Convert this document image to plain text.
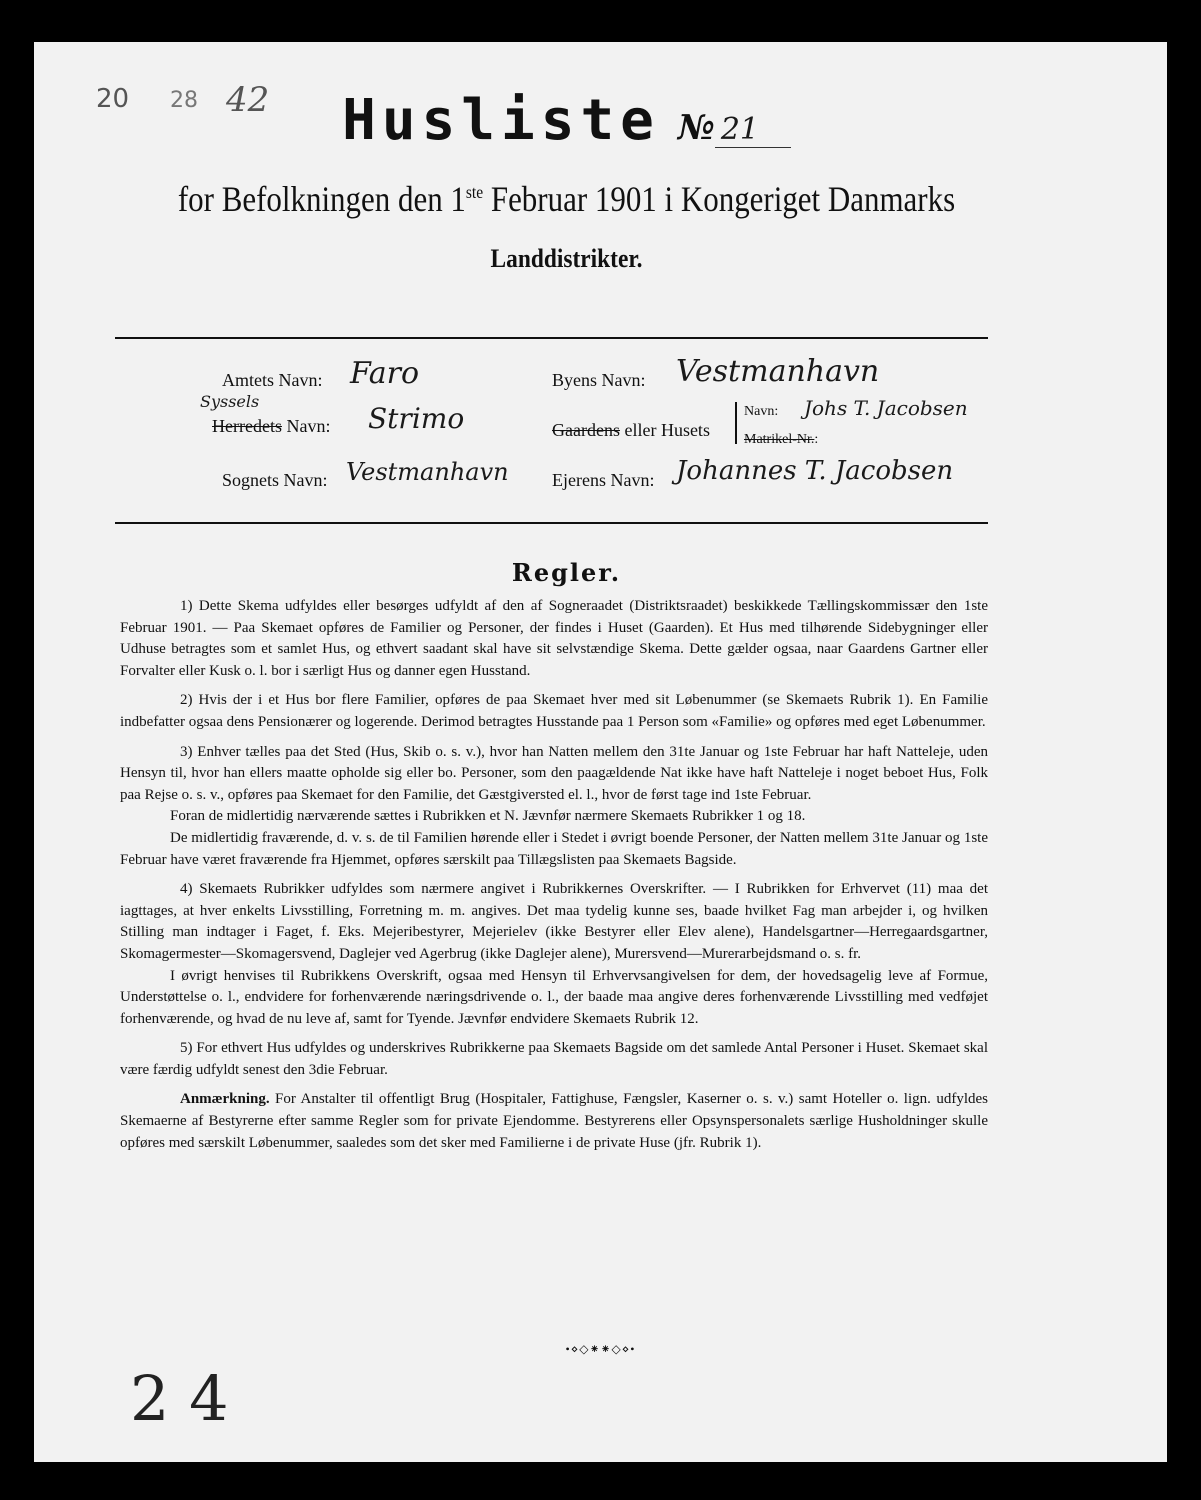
20 28 42	Husliste № 21
for Befolkningen den 1ste Februar 1901 i Kongeriget Danmarks
Landdistrikter.
Amtets Navn: Faro
Syssels
Herredets Navn: Strimo
Sognets Navn: Vestmanhavn
Byens Navn: Vestmanhavn
Gaardens eller Husets
Navn: Johs T. Jacobsen
Matrikel-Nr.:
Ejerens Navn: Johannes T. Jacobsen
Regler.

1) Dette Skema udfyldes eller besørges udfyldt af den af Sogneraadet (Distriktsraadet) beskikkede Tællingskommissær den 1ste Februar 1901. — Paa Skemaet opføres de Familier og Personer, der findes i Huset (Gaarden). Et Hus med tilhørende Sidebygninger eller Udhuse betragtes som et samlet Hus, og ethvert saadant skal have sit selvstændige Skema. Dette gælder ogsaa, naar Gaardens Gartner eller Forvalter eller Kusk o. l. bor i særligt Hus og danner egen Husstand.

2) Hvis der i et Hus bor flere Familier, opføres de paa Skemaet hver med sit Løbenummer (se Skemaets Rubrik 1). En Familie indbefatter ogsaa dens Pensionærer og logerende. Derimod betragtes Husstande paa 1 Person som «Familie» og opføres med eget Løbenummer.

3) Enhver tælles paa det Sted (Hus, Skib o. s. v.), hvor han Natten mellem den 31te Januar og 1ste Februar har haft Natteleje, uden Hensyn til, hvor han ellers maatte opholde sig eller bo. Personer, som den paagældende Nat ikke have haft Natteleje i noget beboet Hus, Folk paa Rejse o. s. v., opføres paa Skemaet for den Familie, det Gæstgiversted el. l., hvor de først tage ind 1ste Februar.

Foran de midlertidig nærværende sættes i Rubrikken et N. Jævnfør nærmere Skemaets Rubrikker 1 og 18.

De midlertidig fraværende, d. v. s. de til Familien hørende eller i Stedet i øvrigt boende Personer, der Natten mellem 31te Januar og 1ste Februar have været fraværende fra Hjemmet, opføres særskilt paa Tillægslisten paa Skemaets Bagside.

4) Skemaets Rubrikker udfyldes som nærmere angivet i Rubrikkernes Overskrifter. — I Rubrikken for Erhvervet (11) maa det iagttages, at hver enkelts Livsstilling, Forretning m. m. angives. Det maa tydelig kunne ses, baade hvilket Fag man arbejder i, og hvilken Stilling man indtager i Faget, f. Eks. Mejeribestyrer, Mejerielev (ikke Bestyrer eller Elev alene), Handelsgartner—Herregaardsgartner, Skomagermester—Skomagersvend, Daglejer ved Agerbrug (ikke Daglejer alene), Murersvend—Murerarbejdsmand o. s. fr.

I øvrigt henvises til Rubrikkens Overskrift, ogsaa med Hensyn til Erhvervsangivelsen for dem, der hovedsagelig leve af Formue, Understøttelse o. l., endvidere for forhenværende næringsdrivende o. l., der baade maa angive deres forhenværende Livsstilling med vedføjet forhenværende, og hvad de nu leve af, samt for Tyende. Jævnfør endvidere Skemaets Rubrik 12.

5) For ethvert Hus udfyldes og underskrives Rubrikkerne paa Skemaets Bagside om det samlede Antal Personer i Huset. Skemaet skal være færdig udfyldt senest den 3die Februar.

Anmærkning. For Anstalter til offentligt Brug (Hospitaler, Fattighuse, Fængsler, Kaserner o. s. v.) samt Hoteller o. lign. udfyldes Skemaerne af Bestyrerne efter samme Regler som for private Ejendomme. Bestyrerens eller Opsynspersonalets særlige Husholdninger skulle opføres med særskilt Løbenummer, saaledes som det sker med Familierne i de private Huse (jfr. Rubrik 1).

•⋄◇⁕⁕◇⋄•
2 4
